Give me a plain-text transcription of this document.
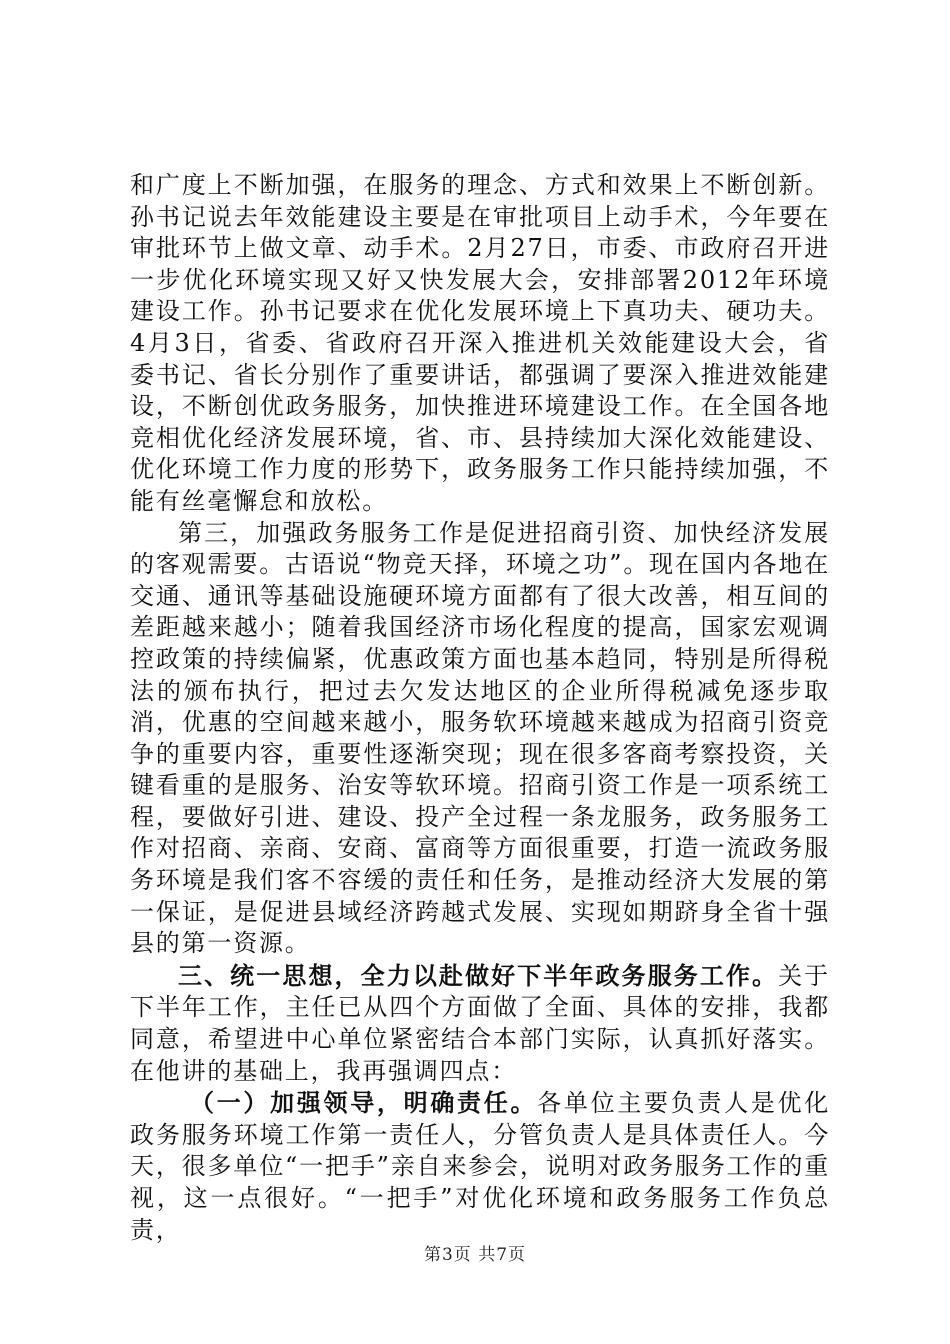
和广度上不断加强，在服务的理念、方式和效果上不断创新。孙书记说去年效能建设主要是在审批项目上动手术，今年要在审批环节上做文章、动手术。2月27日，市委、市政府召开进一步优化环境实现又好又快发展大会，安排部署2012年环境建设工作。孙书记要求在优化发展环境上下真功夫、硬功夫。4月3日，省委、省政府召开深入推进机关效能建设大会，省委书记、省长分别作了重要讲话，都强调了要深入推进效能建设，不断创优政务服务，加快推进环境建设工作。在全国各地竞相优化经济发展环境，省、市、县持续加大深化效能建设、优化环境工作力度的形势下，政务服务工作只能持续加强，不能有丝毫懈怠和放松。

第三，加强政务服务工作是促进招商引资、加快经济发展的客观需要。古语说“物竞天择，环境之功”。现在国内各地在交通、通讯等基础设施硬环境方面都有了很大改善，相互间的差距越来越小；随着我国经济市场化程度的提高，国家宏观调控政策的持续偏紧，优惠政策方面也基本趋同，特别是所得税法的颁布执行，把过去欠发达地区的企业所得税减免逐步取消，优惠的空间越来越小，服务软环境越来越成为招商引资竞争的重要内容，重要性逐渐突现；现在很多客商考察投资，关键看重的是服务、治安等软环境。招商引资工作是一项系统工程，要做好引进、建设、投产全过程一条龙服务，政务服务工作对招商、亲商、安商、富商等方面很重要，打造一流政务服务环境是我们客不容缓的责任和任务，是推动经济大发展的第一保证，是促进县域经济跨越式发展、实现如期跻身全省十强县的第一资源。

三、统一思想，全力以赴做好下半年政务服务工作。关于下半年工作，主任已从四个方面做了全面、具体的安排，我都同意，希望进中心单位紧密结合本部门实际，认真抓好落实。在他讲的基础上，我再强调四点：

（一）加强领导，明确责任。各单位主要负责人是优化政务服务环境工作第一责任人，分管负责人是具体责任人。今天，很多单位“一把手”亲自来参会，说明对政务服务工作的重视，这一点很好。“一把手”对优化环境和政务服务工作负总责，

第3页 共7页
